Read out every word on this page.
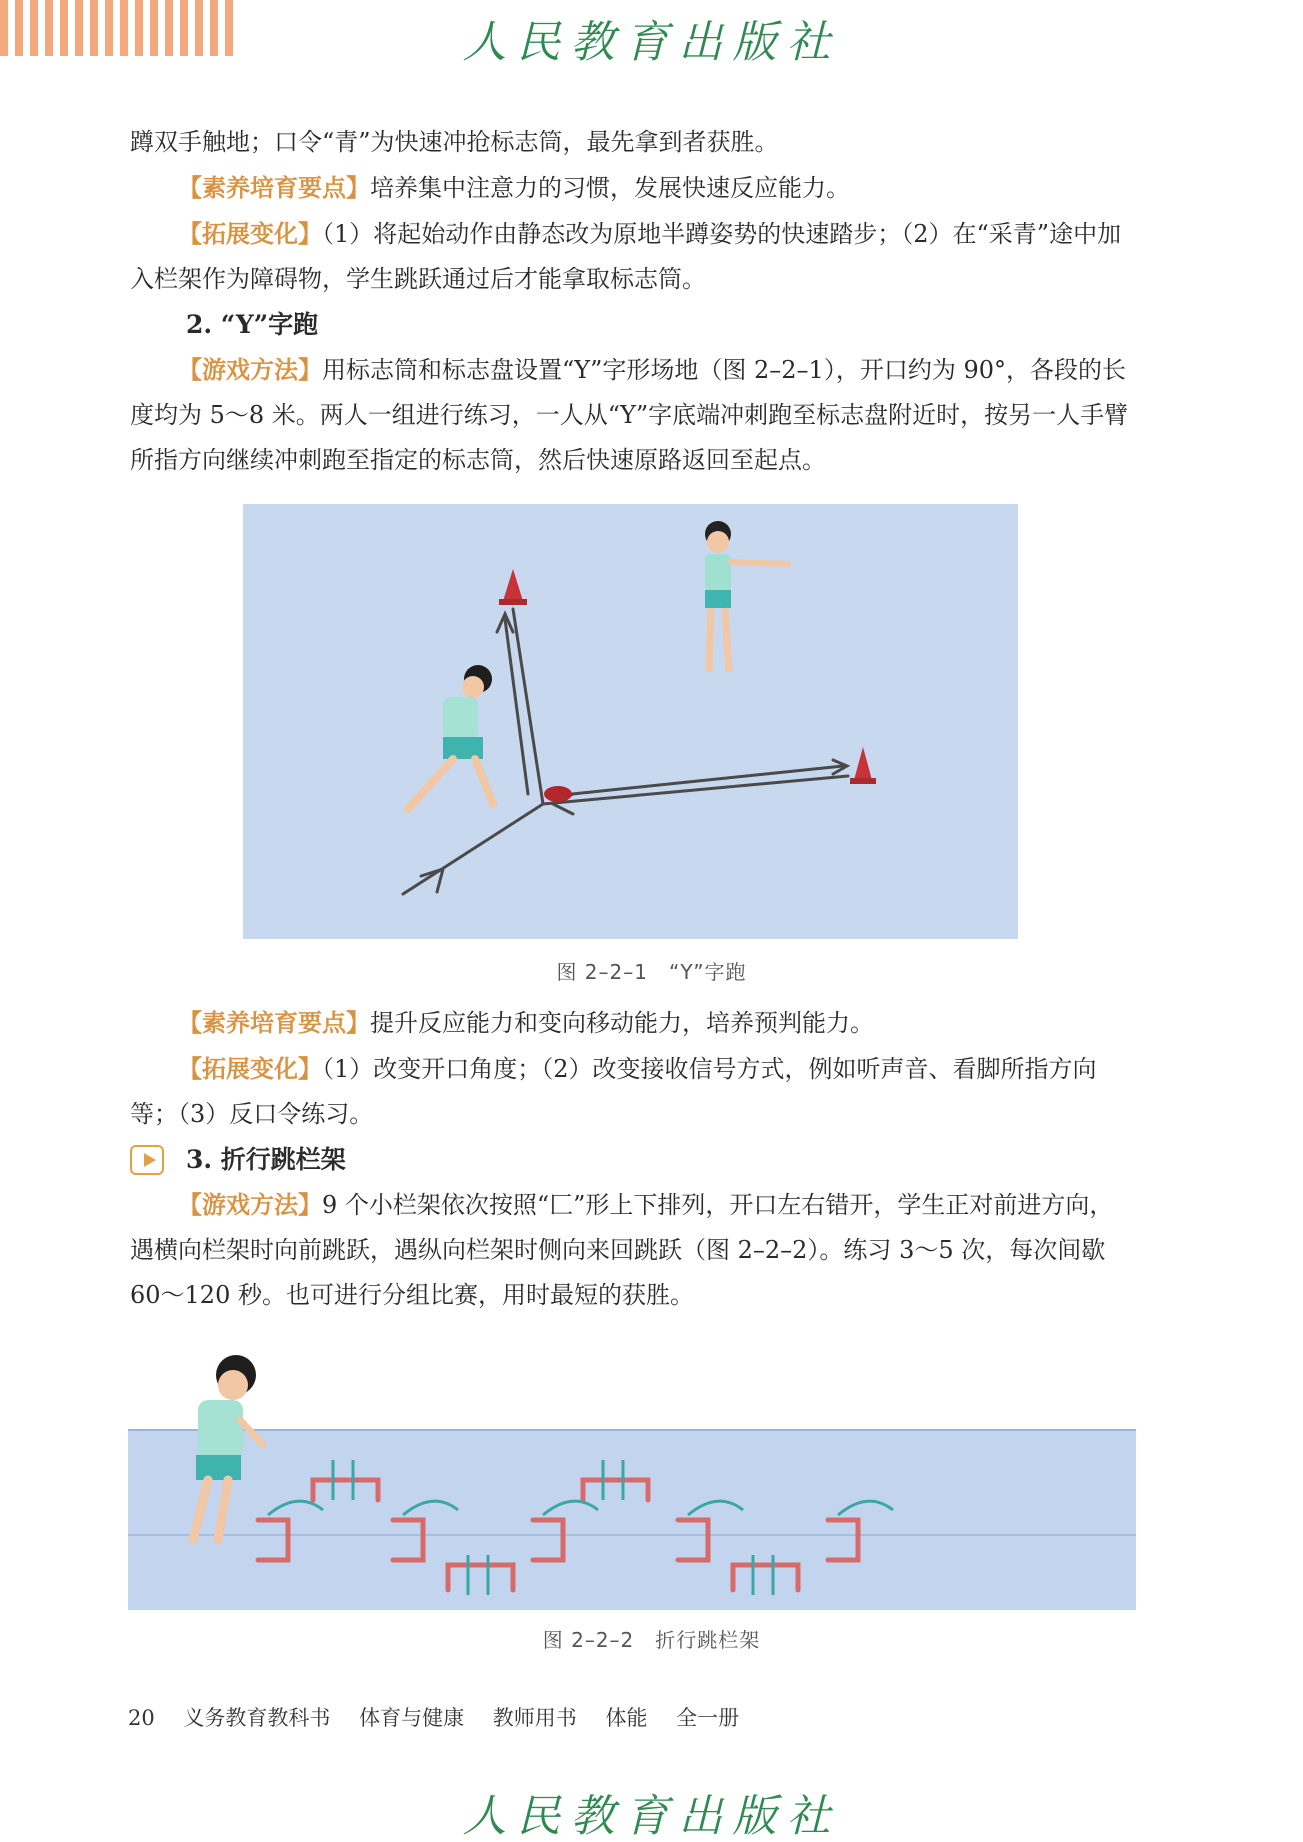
人民教育出版社

蹲双手触地；口令“青”为快速冲抢标志筒，最先拿到者获胜。

【素养培育要点】培养集中注意力的习惯，发展快速反应能力。

【拓展变化】（1）将起始动作由静态改为原地半蹲姿势的快速踏步；（2）在“采青”途中加入栏架作为障碍物，学生跳跃通过后才能拿取标志筒。

2. “Y”字跑

【游戏方法】用标志筒和标志盘设置“Y”字形场地（图 2–2–1），开口约为 90°，各段的长度均为 5～8 米。两人一组进行练习，一人从“Y”字底端冲刺跑至标志盘附近时，按另一人手臂所指方向继续冲刺跑至指定的标志筒，然后快速原路返回至起点。

图 2–2–1　“Y”字跑

【素养培育要点】提升反应能力和变向移动能力，培养预判能力。

【拓展变化】（1）改变开口角度；（2）改变接收信号方式，例如听声音、看脚所指方向等；（3）反口令练习。

3. 折行跳栏架

【游戏方法】9 个小栏架依次按照“匚”形上下排列，开口左右错开，学生正对前进方向，遇横向栏架时向前跳跃，遇纵向栏架时侧向来回跳跃（图 2–2–2）。练习 3～5 次，每次间歇 60～120 秒。也可进行分组比赛，用时最短的获胜。

图 2–2–2　折行跳栏架
20 义务教育教科书 体育与健康 教师用书 体能 全一册
人民教育出版社
